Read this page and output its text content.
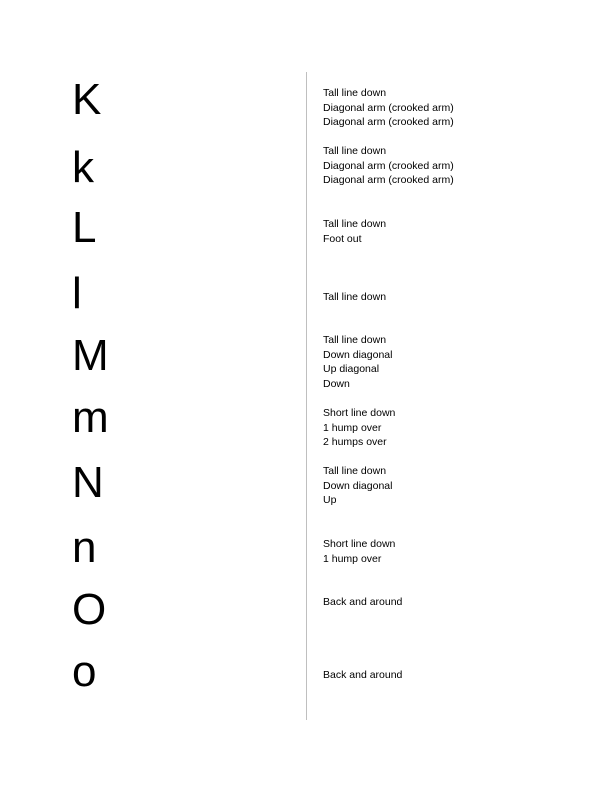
K
k
L
l
M
m
N
n
O
o
Tall line down
Diagonal arm (crooked arm)
Diagonal arm (crooked arm)
Tall line down
Diagonal arm (crooked arm)
Diagonal arm (crooked arm)
Tall line down
Foot out
Tall line down
Tall line down
Down diagonal
Up diagonal
Down
Short line down
1 hump over
2 humps over
Tall line down
Down diagonal
Up
Short line down
1 hump over
Back and around
Back and around
